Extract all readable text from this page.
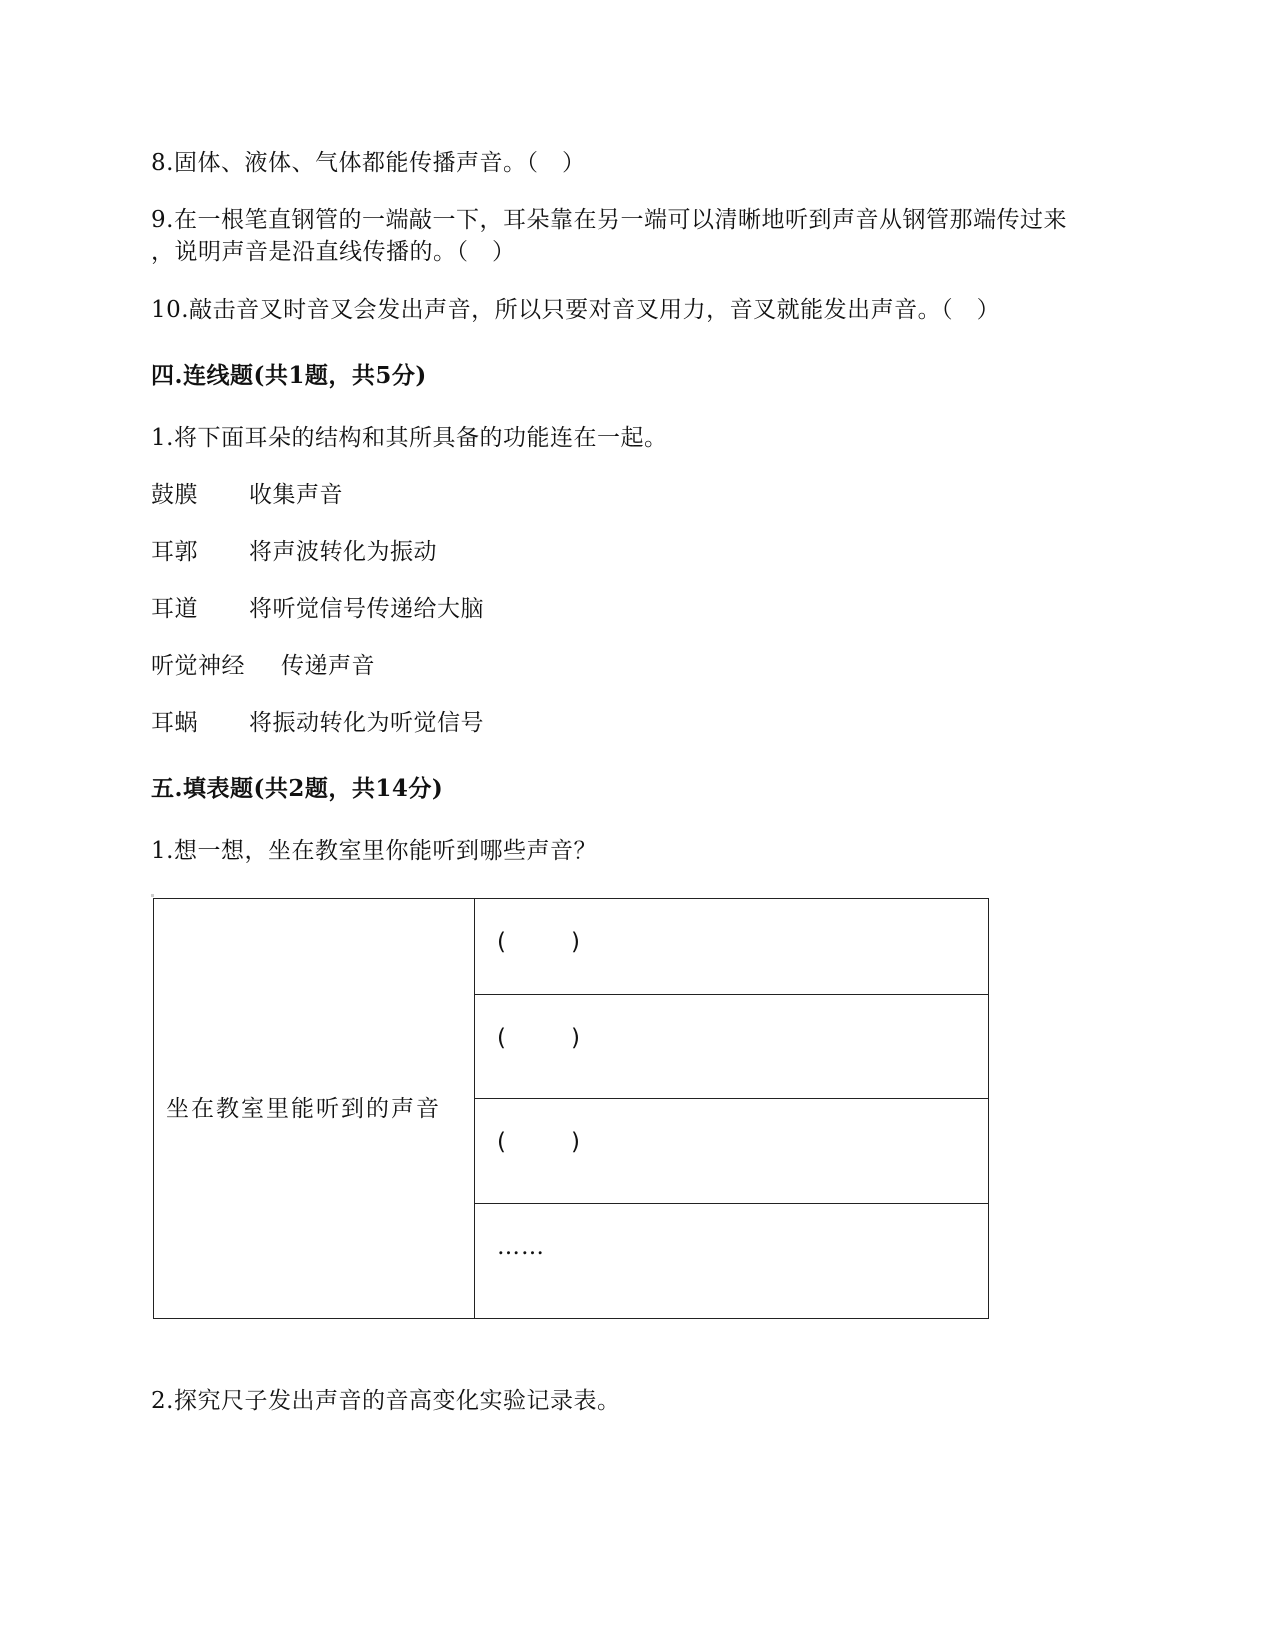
8.固体、液体、气体都能传播声音。（　）
9.在一根笔直钢管的一端敲一下，耳朵靠在另一端可以清晰地听到声音从钢管那端传过来
，说明声音是沿直线传播的。（　）
10.敲击音叉时音叉会发出声音，所以只要对音叉用力，音叉就能发出声音。（　）
四.连线题(共1题，共5分)
1.将下面耳朵的结构和其所具备的功能连在一起。
鼓膜 收集声音
耳郭 将声波转化为振动
耳道 将听觉信号传递给大脑
听觉神经 传递声音
耳蜗 将振动转化为听觉信号
五.填表题(共2题，共14分)
1.想一想，坐在教室里你能听到哪些声音？
坐在教室里能听到的声音	(	)
(	)
(	)
……
2.探究尺子发出声音的音高变化实验记录表。
